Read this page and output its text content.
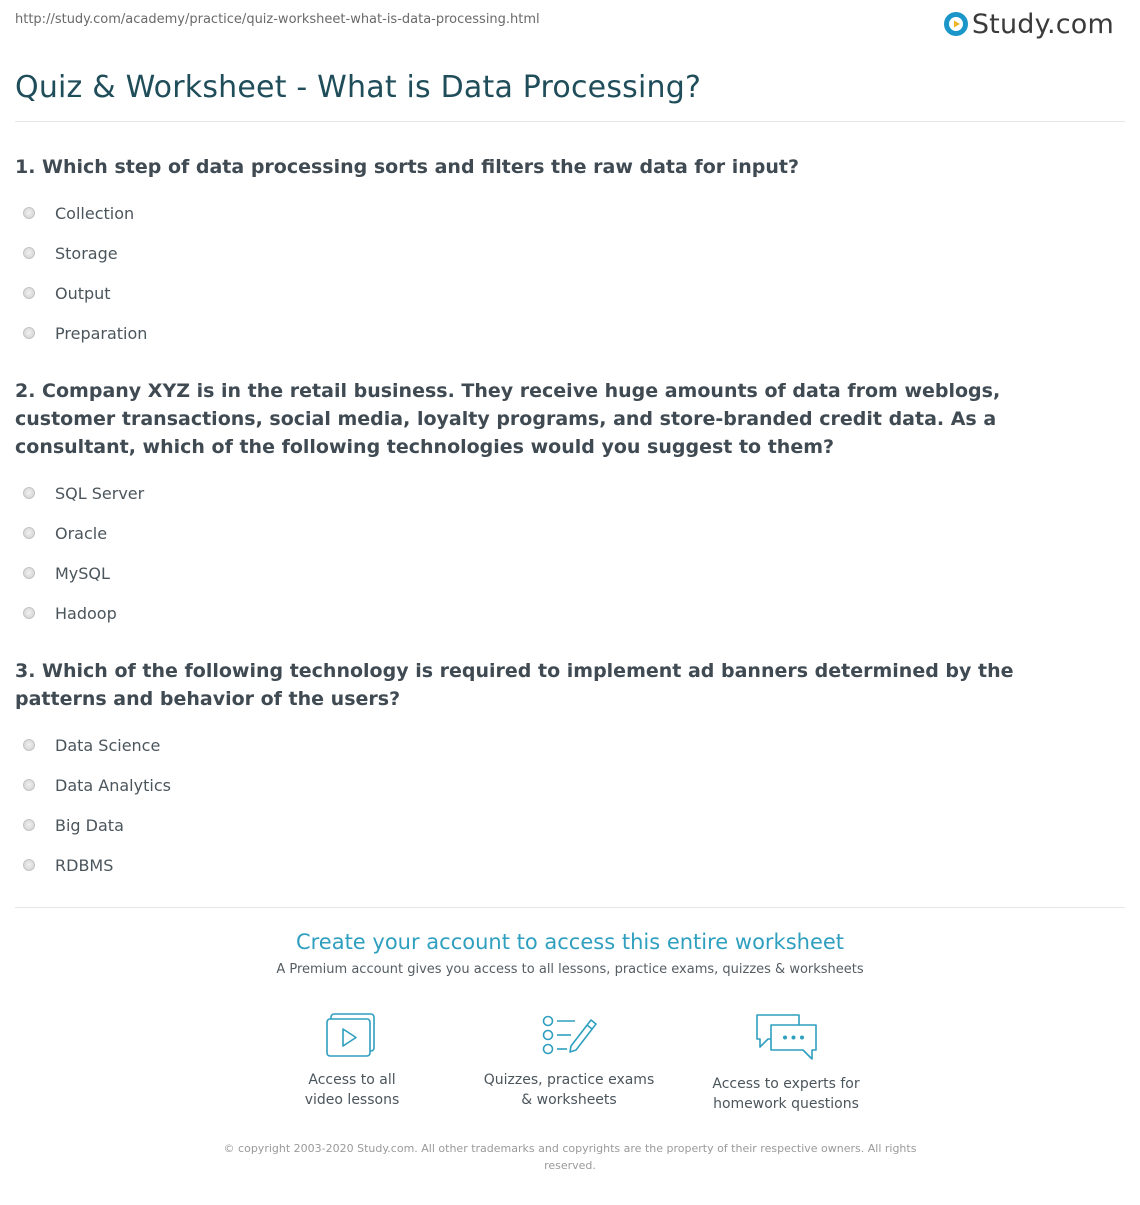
http://study.com/academy/practice/quiz-worksheet-what-is-data-processing.html	Study.com
Quiz & Worksheet - What is Data Processing?
1. Which step of data processing sorts and filters the raw data for input?
Collection
Storage
Output
Preparation
2. Company XYZ is in the retail business. They receive huge amounts of data from weblogs, customer transactions, social media, loyalty programs, and store-branded credit data. As a consultant, which of the following technologies would you suggest to them?
SQL Server
Oracle
MySQL
Hadoop
3. Which of the following technology is required to implement ad banners determined by the patterns and behavior of the users?
Data Science
Data Analytics
Big Data
RDBMS
Create your account to access this entire worksheet
A Premium account gives you access to all lessons, practice exams, quizzes & worksheets
Access to all
video lessons
Quizzes, practice exams
& worksheets
Access to experts for
homework questions
© copyright 2003-2020 Study.com. All other trademarks and copyrights are the property of their respective owners. All rights reserved.
